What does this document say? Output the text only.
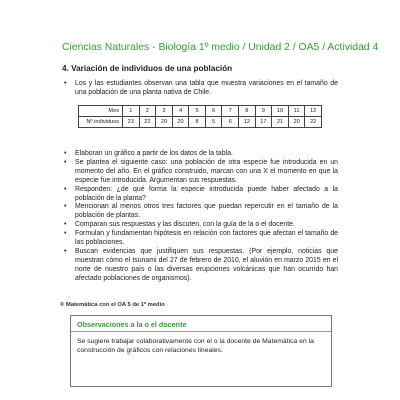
Ciencias Naturales - Biología 1º medio / Unidad 2 / OA5 / Actividad 4
4. Variación de individuos de una población
• Los y las estudiantes observan una tabla que muestra variaciones en el tamaño de una población de una planta nativa de Chile.
Mes	1	2	3	4	5	6	7	8	9	10	11	12
Nº individuos	23	22	20	20	8	5	6	12	17	21	20	22
• Elaboran un gráfico a partir de los datos de la tabla.
• Se plantea el siguiente caso: una población de otra especie fue introducida en un momento del año. En el gráfico construido, marcan con una X el momento en que la especie fue introducida. Argumentan sus respuestas.
• Responden: ¿de qué forma la especie introducida puede haber afectado a la población de la planta?
• Mencionan al menos otros tres factores que puedan repercutir en el tamaño de la población de plantas.
• Comparan sus respuestas y las discuten, con la guía de la o el docente.
• Formulan y fundamentan hipótesis en relación con factores que afectan el tamaño de las poblaciones.
• Buscan evidencias que justifiquen sus respuestas. (Por ejemplo, noticias que muestran cómo el tsunami del 27 de febrero de 2010, el aluvión en marzo 2015 en el norte de nuestro país o las diversas erupciones volcánicas que han ocurrido han afectado poblaciones de organismos).
® Matemática con el OA 5 de 1º medio
Observaciones a la o el docente
Se sugiere trabajar colaborativamente con el o la docente de Matemática en la construcción de gráficos con relaciones lineales.
